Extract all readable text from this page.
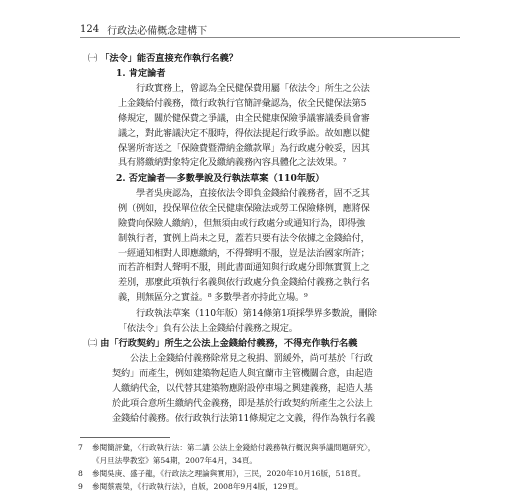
124 行政法必備概念建構下
㈠ 「法令」能否直接充作執行名義？
1. 肯定論者
行政實務上，曾認為全民健保費用屬「依法令」所生之公法
上金錢給付義務，徵行政執行官簡評彙認為，依全民健保法第5
條規定，關於健保費之爭議，由全民健康保險爭議審議委員會審
議之，對此審議決定不服時，得依法提起行政爭訟。故如應以健
保署所寄送之「保險費暨滯納金繳款單」為行政處分較妥，因其
具有將繳納對象特定化及繳納義務內容具體化之法效果。⁷
2. 否定論者──多數學說及行執法草案（110年版）
學者吳庚認為，直接依法令即負金錢給付義務者，固不乏其
例（例如，投保單位依全民健康保險法或勞工保險條例，應將保
險費向保險人繳納），但無須由或行政處分或通知行為，即得強
制執行者，實例上尚未之見，蓋若只要有法令依據之金錢給付，
一經通知相對人即應繳納，不得聲明不服，豈是法治國家所許；
而若許相對人聲明不服，則此書面通知與行政處分即無實質上之
差別，那麼此項執行名義與依行政處分負金錢給付義務之執行名
義，則無區分之實益。⁸ 多數學者亦持此立場。⁹
行政執法草案（110年版）第14條第1項採學界多數說，刪除
「依法令」負有公法上金錢給付義務之規定。
㈡ 由「行政契約」所生之公法上金錢給付義務，不得充作執行名義
公法上金錢給付義務除常見之稅捐、罰緩外，尚可基於「行政
契約」而產生，例如建築物起造人與宜蘭市主管機關合意，由起造
人繳納代金，以代替其建築物應附設停車場之興建義務，起造人基
於此項合意所生繳納代金義務，即是基於行政契約所產生之公法上
金錢給付義務。依行政執行法第11條規定之文義，得作為執行名義
7	參閱簡評彙，〈行政執行法：第二講 公法上金錢給付義務執行概況與爭議問題研究〉，
《月旦法學教室》第54期，2007年4月，34頁。
8	參閱吳庚、盛子龍，《行政法之理論與實用》，三民，2020年10月16版，518頁。
9	參閱蔡震榮，《行政執行法》，自版，2008年9月4版，129頁。
